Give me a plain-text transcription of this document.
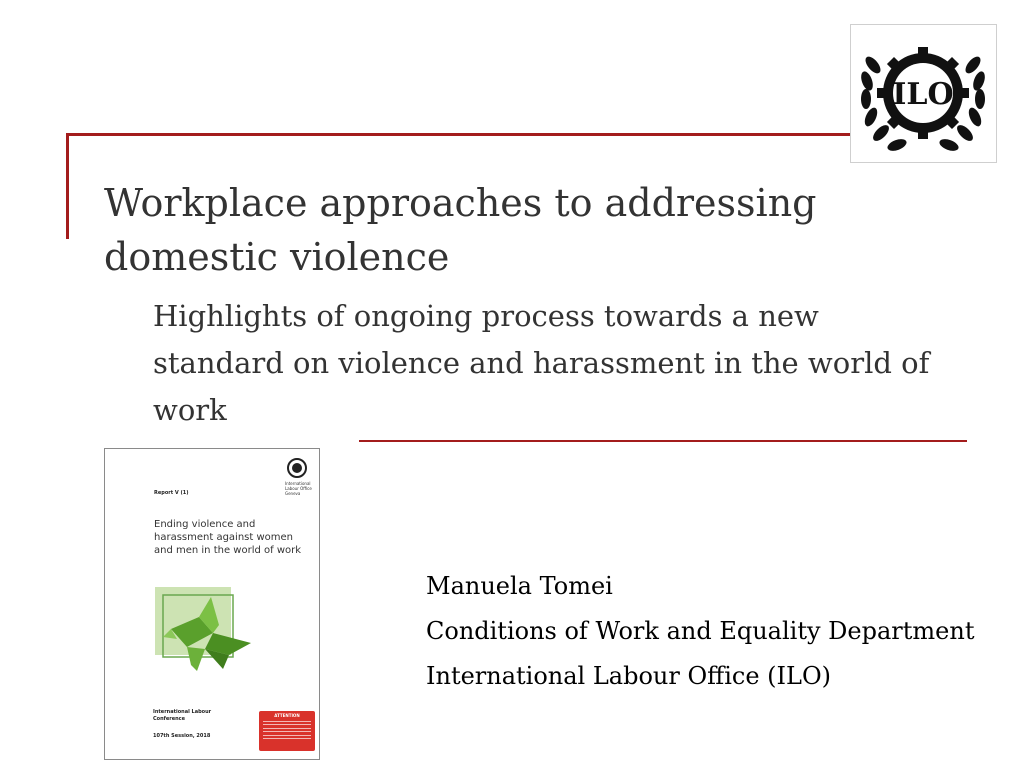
ILO
Workplace approaches to addressing domestic violence

Highlights of ongoing process towards a new standard on violence and harassment in the world of work

International Labour Office Geneva
Report V (1)
Ending violence and harassment against women and men in the world of work
International Labour Conference
107th Session, 2018
ATTENTION
Manuela Tomei
Conditions of Work and Equality Department
International Labour Office (ILO)
